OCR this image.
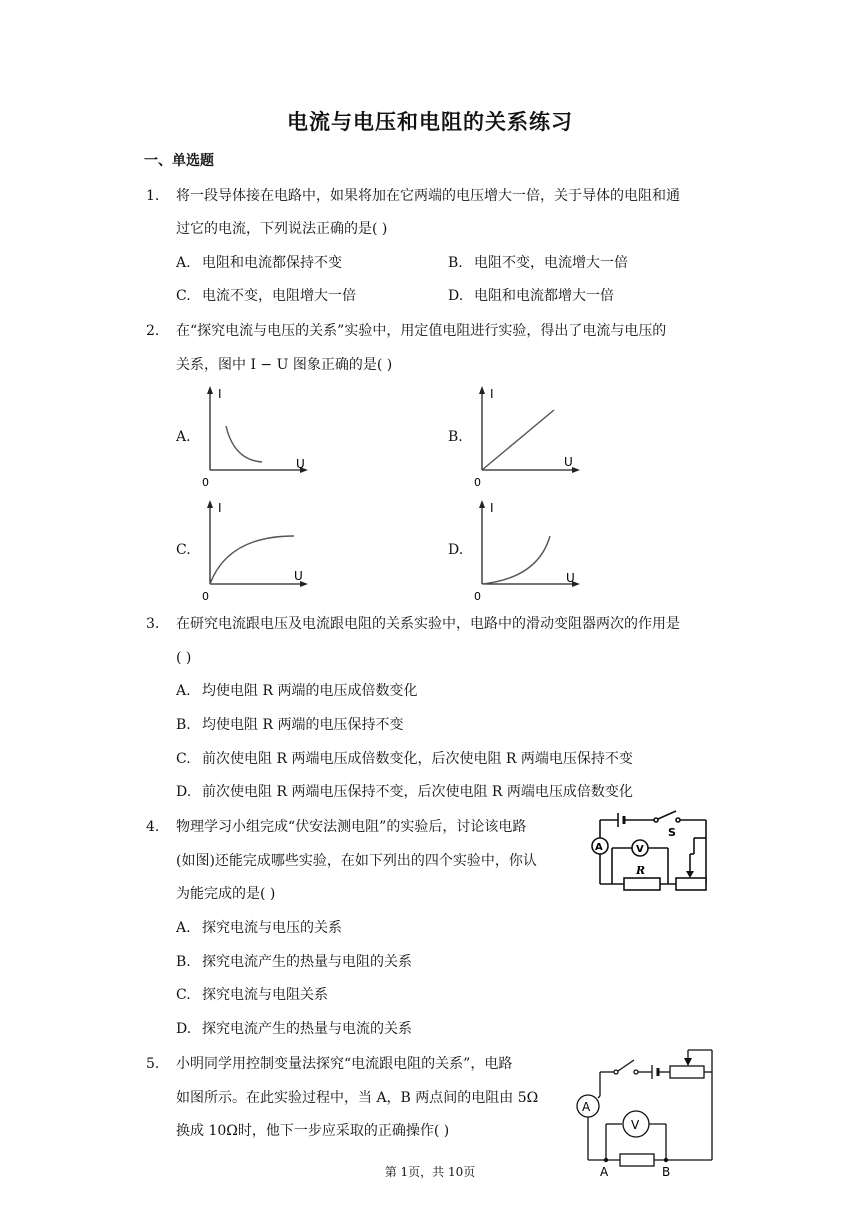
电流与电压和电阻的关系练习
一、单选题
1. 将一段导体接在电路中，如果将加在它两端的电压增大一倍，关于导体的电阻和通
过它的电流，下列说法正确的是( )
A. 电阻和电流都保持不变	B. 电阻不变，电流增大一倍
C. 电流不变，电阻增大一倍	D. 电阻和电流都增大一倍
2. 在“探究电流与电压的关系”实验中，用定值电阻进行实验，得出了电流与电压的
关系，图中 I − U 图象正确的是( )
A.
I
U
0
B.
I
U
0
C.
I
U
0
D.
I
U
0
3. 在研究电流跟电压及电流跟电阻的关系实验中，电路中的滑动变阻器两次的作用是
( )
A. 均使电阻 R 两端的电压成倍数变化
B. 均使电阻 R 两端的电压保持不变
C. 前次使电阻 R 两端电压成倍数变化，后次使电阻 R 两端电压保持不变
D. 前次使电阻 R 两端电压保持不变，后次使电阻 R 两端电压成倍数变化
4. 物理学习小组完成“伏安法测电阻”的实验后，讨论该电路
(如图)还能完成哪些实验，在如下列出的四个实验中，你认
为能完成的是( )
A	V
S
R
A. 探究电流与电压的关系
B. 探究电流产生的热量与电阻的关系
C. 探究电流与电阻关系
D. 探究电流产生的热量与电流的关系
5. 小明同学用控制变量法探究“电流跟电阻的关系”，电路
如图所示。在此实验过程中，当 A，B 两点间的电阻由 5Ω
换成 10Ω时，他下一步应采取的正确操作( )
A
V
A	B
第 1页，共 10页
